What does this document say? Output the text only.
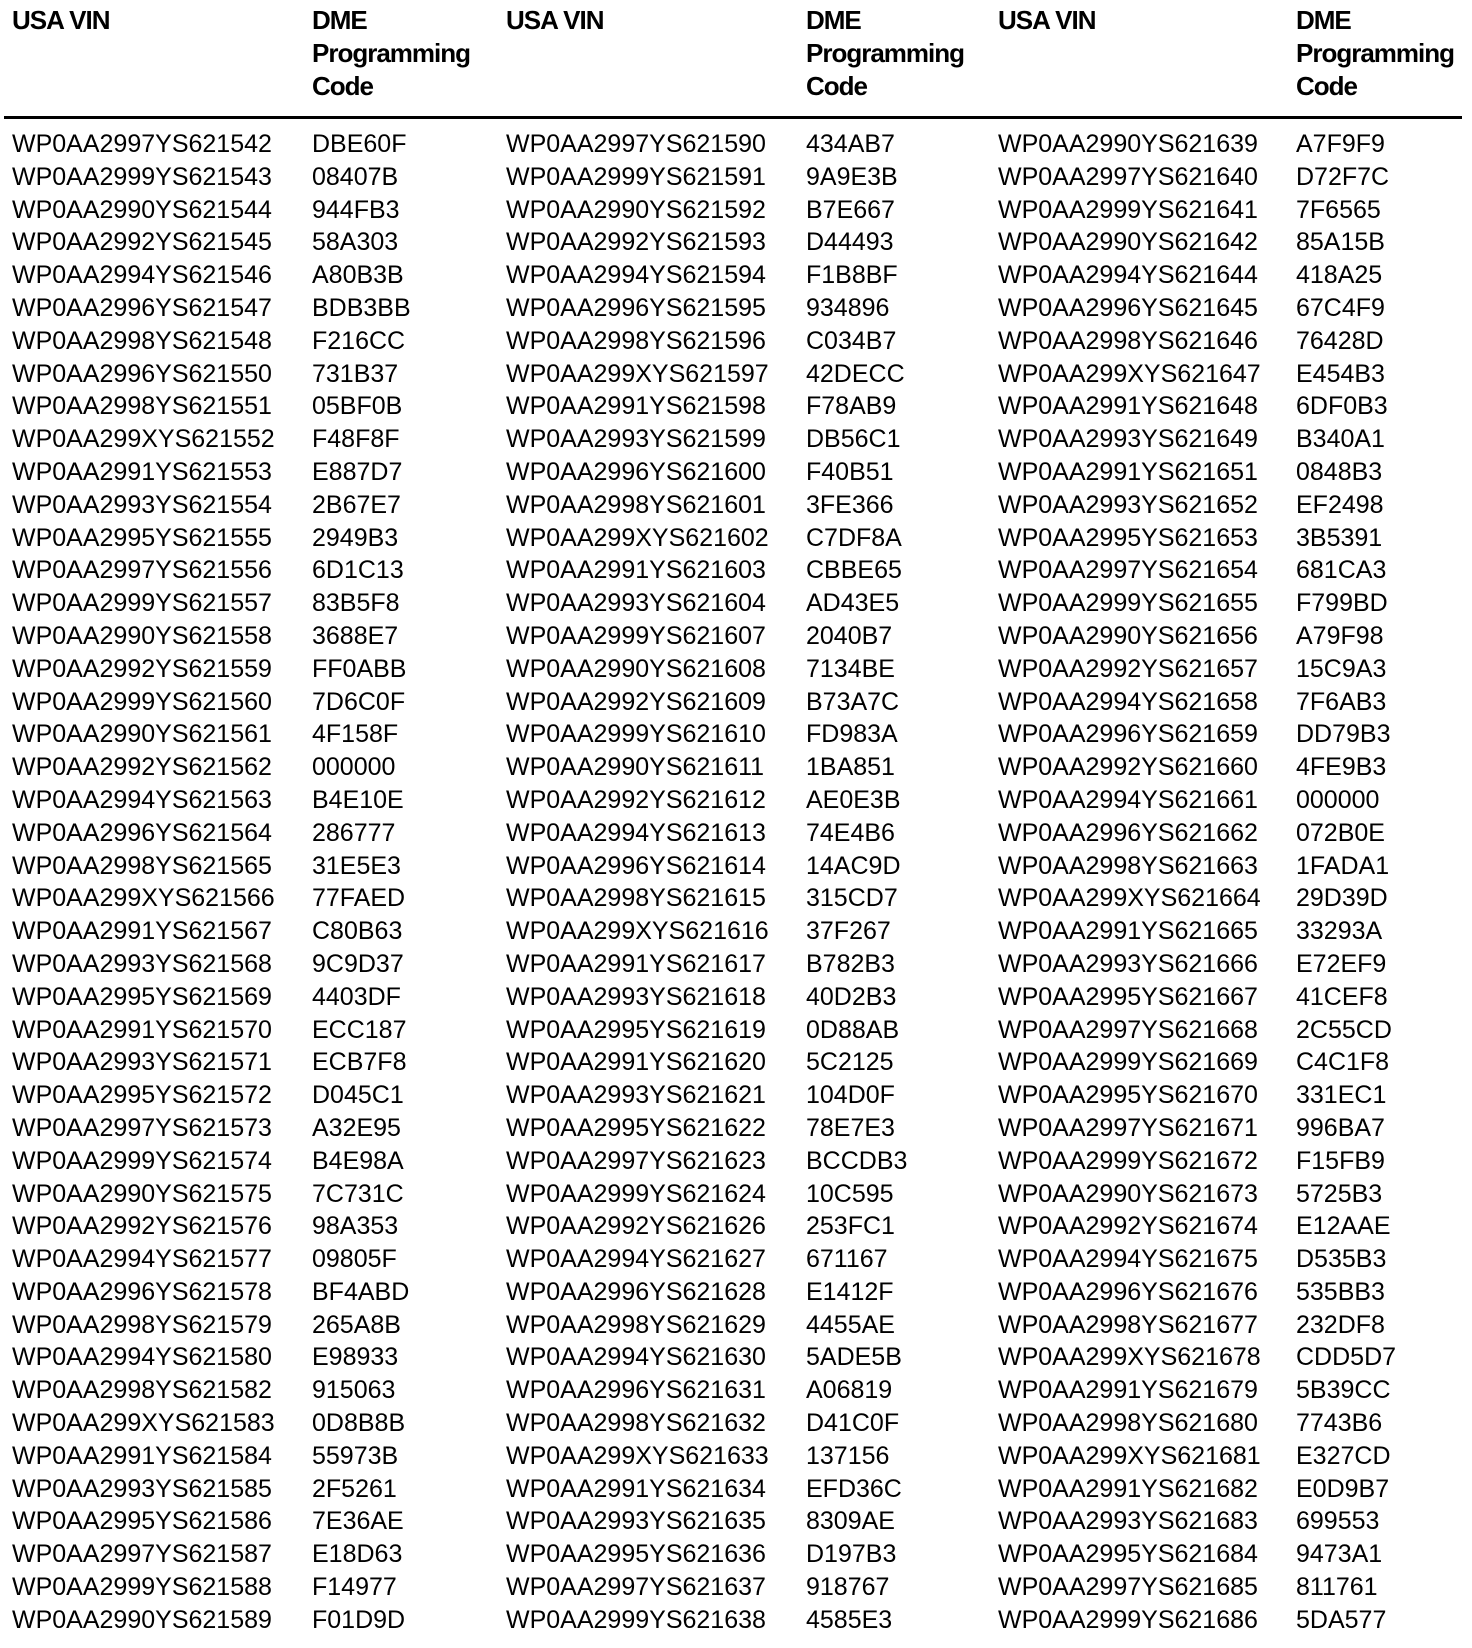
USA VIN	DME
Programming
Code
USA VIN	DME
Programming
Code
USA VIN	DME
Programming
Code
WP0AA2997YS621542 DBE60F	WP0AA2997YS621590 434AB7	WP0AA2990YS621639 A7F9F9
WP0AA2999YS621543 08407B	WP0AA2999YS621591 9A9E3B	WP0AA2997YS621640 D72F7C
WP0AA2990YS621544 944FB3	WP0AA2990YS621592 B7E667	WP0AA2999YS621641 7F6565
WP0AA2992YS621545 58A303	WP0AA2992YS621593 D44493	WP0AA2990YS621642 85A15B
WP0AA2994YS621546 A80B3B	WP0AA2994YS621594 F1B8BF	WP0AA2994YS621644 418A25
WP0AA2996YS621547 BDB3BB	WP0AA2996YS621595 934896	WP0AA2996YS621645 67C4F9
WP0AA2998YS621548 F216CC	WP0AA2998YS621596 C034B7	WP0AA2998YS621646 76428D
WP0AA2996YS621550 731B37	WP0AA299XYS621597 42DECC	WP0AA299XYS621647 E454B3
WP0AA2998YS621551 05BF0B	WP0AA2991YS621598 F78AB9	WP0AA2991YS621648 6DF0B3
WP0AA299XYS621552 F48F8F	WP0AA2993YS621599 DB56C1	WP0AA2993YS621649 B340A1
WP0AA2991YS621553 E887D7	WP0AA2996YS621600 F40B51	WP0AA2991YS621651 0848B3
WP0AA2993YS621554 2B67E7	WP0AA2998YS621601 3FE366	WP0AA2993YS621652 EF2498
WP0AA2995YS621555 2949B3	WP0AA299XYS621602 C7DF8A	WP0AA2995YS621653 3B5391
WP0AA2997YS621556 6D1C13	WP0AA2991YS621603 CBBE65	WP0AA2997YS621654 681CA3
WP0AA2999YS621557 83B5F8	WP0AA2993YS621604 AD43E5	WP0AA2999YS621655 F799BD
WP0AA2990YS621558 3688E7	WP0AA2999YS621607 2040B7	WP0AA2990YS621656 A79F98
WP0AA2992YS621559 FF0ABB	WP0AA2990YS621608 7134BE	WP0AA2992YS621657 15C9A3
WP0AA2999YS621560 7D6C0F	WP0AA2992YS621609 B73A7C	WP0AA2994YS621658 7F6AB3
WP0AA2990YS621561 4F158F	WP0AA2999YS621610 FD983A	WP0AA2996YS621659 DD79B3
WP0AA2992YS621562 000000	WP0AA2990YS621611 1BA851	WP0AA2992YS621660 4FE9B3
WP0AA2994YS621563 B4E10E	WP0AA2992YS621612 AE0E3B	WP0AA2994YS621661 000000
WP0AA2996YS621564 286777	WP0AA2994YS621613 74E4B6	WP0AA2996YS621662 072B0E
WP0AA2998YS621565 31E5E3	WP0AA2996YS621614 14AC9D	WP0AA2998YS621663 1FADA1
WP0AA299XYS621566 77FAED	WP0AA2998YS621615 315CD7	WP0AA299XYS621664 29D39D
WP0AA2991YS621567 C80B63	WP0AA299XYS621616 37F267	WP0AA2991YS621665 33293A
WP0AA2993YS621568 9C9D37	WP0AA2991YS621617 B782B3	WP0AA2993YS621666 E72EF9
WP0AA2995YS621569 4403DF	WP0AA2993YS621618 40D2B3	WP0AA2995YS621667 41CEF8
WP0AA2991YS621570 ECC187	WP0AA2995YS621619 0D88AB	WP0AA2997YS621668 2C55CD
WP0AA2993YS621571 ECB7F8	WP0AA2991YS621620 5C2125	WP0AA2999YS621669 C4C1F8
WP0AA2995YS621572 D045C1	WP0AA2993YS621621 104D0F	WP0AA2995YS621670 331EC1
WP0AA2997YS621573 A32E95	WP0AA2995YS621622 78E7E3	WP0AA2997YS621671 996BA7
WP0AA2999YS621574 B4E98A	WP0AA2997YS621623 BCCDB3	WP0AA2999YS621672 F15FB9
WP0AA2990YS621575 7C731C	WP0AA2999YS621624 10C595	WP0AA2990YS621673 5725B3
WP0AA2992YS621576 98A353	WP0AA2992YS621626 253FC1	WP0AA2992YS621674 E12AAE
WP0AA2994YS621577 09805F	WP0AA2994YS621627 671167	WP0AA2994YS621675 D535B3
WP0AA2996YS621578 BF4ABD	WP0AA2996YS621628 E1412F	WP0AA2996YS621676 535BB3
WP0AA2998YS621579 265A8B	WP0AA2998YS621629 4455AE	WP0AA2998YS621677 232DF8
WP0AA2994YS621580 E98933	WP0AA2994YS621630 5ADE5B	WP0AA299XYS621678 CDD5D7
WP0AA2998YS621582 915063	WP0AA2996YS621631 A06819	WP0AA2991YS621679 5B39CC
WP0AA299XYS621583 0D8B8B	WP0AA2998YS621632 D41C0F	WP0AA2998YS621680 7743B6
WP0AA2991YS621584 55973B	WP0AA299XYS621633 137156	WP0AA299XYS621681 E327CD
WP0AA2993YS621585 2F5261	WP0AA2991YS621634 EFD36C	WP0AA2991YS621682 E0D9B7
WP0AA2995YS621586 7E36AE	WP0AA2993YS621635 8309AE	WP0AA2993YS621683 699553
WP0AA2997YS621587 E18D63	WP0AA2995YS621636 D197B3	WP0AA2995YS621684 9473A1
WP0AA2999YS621588 F14977	WP0AA2997YS621637 918767	WP0AA2997YS621685 811761
WP0AA2990YS621589 F01D9D	WP0AA2999YS621638 4585E3	WP0AA2999YS621686 5DA577
